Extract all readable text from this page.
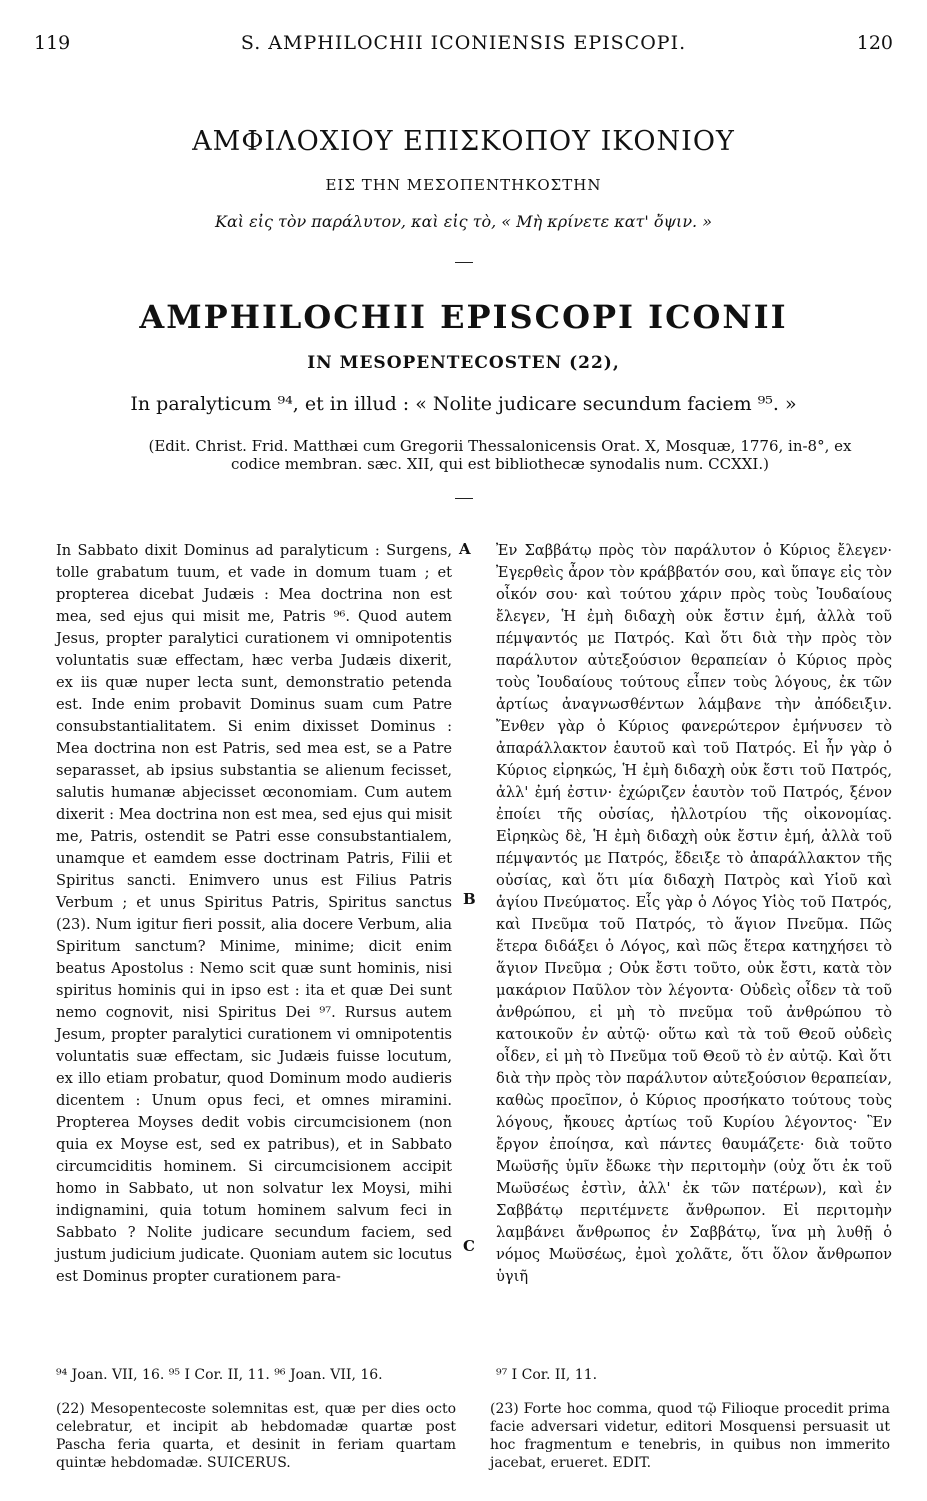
119	S. AMPHILOCHII ICONIENSIS EPISCOPI.	120
ΑΜΦΙΛΟΧΙΟΥ ΕΠΙΣΚΟΠΟΥ ΙΚΟΝΙΟΥ
ΕΙΣ ΤΗΝ ΜΕΣΟΠΕΝΤΗΚΟΣΤΗΝ
Καὶ εἰς τὸν παράλυτον, καὶ εἰς τὸ, « Μὴ κρίνετε κατ' ὄψιν. »
AMPHILOCHII EPISCOPI ICONII
IN MESOPENTECOSTEN (22),
In paralyticum ⁹⁴, et in illud : « Nolite judicare secundum faciem ⁹⁵. »
(Edit. Christ. Frid. Matthæi cum Gregorii Thessalonicensis Orat. X, Mosquæ, 1776, in-8°, ex codice membran. sæc. XII, qui est bibliothecæ synodalis num. CCXXI.)

In Sabbato dixit Dominus ad paralyticum : Surgens, tolle grabatum tuum, et vade in domum tuam ; et propterea dicebat Judæis : Mea doctrina non est mea, sed ejus qui misit me, Patris ⁹⁶. Quod autem Jesus, propter paralytici curationem vi omnipotentis voluntatis suæ effectam, hæc verba Judæis dixerit, ex iis quæ nuper lecta sunt, demonstratio petenda est. Inde enim probavit Dominus suam cum Patre consubstantialitatem. Si enim dixisset Dominus : Mea doctrina non est Patris, sed mea est, se a Patre separasset, ab ipsius substantia se alienum fecisset, salutis humanæ abjecisset œconomiam. Cum autem dixerit : Mea doctrina non est mea, sed ejus qui misit me, Patris, ostendit se Patri esse consubstantialem, unamque et eamdem esse doctrinam Patris, Filii et Spiritus sancti. Enimvero unus est Filius Patris Verbum ; et unus Spiritus Patris, Spiritus sanctus (23). Num igitur fieri possit, alia docere Verbum, alia Spiritum sanctum? Minime, minime; dicit enim beatus Apostolus : Nemo scit quæ sunt hominis, nisi spiritus hominis qui in ipso est : ita et quæ Dei sunt nemo cognovit, nisi Spiritus Dei ⁹⁷. Rursus autem Jesum, propter paralytici curationem vi omnipotentis voluntatis suæ effectam, sic Judæis fuisse locutum, ex illo etiam probatur, quod Dominum modo audieris dicentem : Unum opus feci, et omnes miramini. Propterea Moyses dedit vobis circumcisionem (non quia ex Moyse est, sed ex patribus), et in Sabbato circumciditis hominem. Si circumcisionem accipit homo in Sabbato, ut non solvatur lex Moysi, mihi indignamini, quia totum hominem salvum feci in Sabbato ? Nolite judicare secundum faciem, sed justum judicium judicate. Quoniam autem sic locutus est Dominus propter curationem para-

A
B
C

Ἐν Σαββάτῳ πρὸς τὸν παράλυτον ὁ Κύριος ἔλεγεν· Ἐγερθεὶς ἆρον τὸν κράββατόν σου, καὶ ὕπαγε εἰς τὸν οἶκόν σου· καὶ τούτου χάριν πρὸς τοὺς Ἰουδαίους ἔλεγεν, Ἡ ἐμὴ διδαχὴ οὐκ ἔστιν ἐμή, ἀλλὰ τοῦ πέμψαντός με Πατρός. Καὶ ὅτι διὰ τὴν πρὸς τὸν παράλυτον αὐτεξούσιον θεραπείαν ὁ Κύριος πρὸς τοὺς Ἰουδαίους τούτους εἶπεν τοὺς λόγους, ἐκ τῶν ἀρτίως ἀναγνωσθέντων λάμβανε τὴν ἀπόδειξιν. Ἔνθεν γὰρ ὁ Κύριος φανερώτερον ἐμήνυσεν τὸ ἀπαράλλακτον ἑαυτοῦ καὶ τοῦ Πατρός. Εἰ ἦν γὰρ ὁ Κύριος εἰρηκώς, Ἡ ἐμὴ διδαχὴ οὐκ ἔστι τοῦ Πατρός, ἀλλ' ἐμή ἐστιν· ἐχώριζεν ἑαυτὸν τοῦ Πατρός, ξένον ἐποίει τῆς οὐσίας, ἠλλοτρίου τῆς οἰκονομίας. Εἰρηκὼς δὲ, Ἡ ἐμὴ διδαχὴ οὐκ ἔστιν ἐμή, ἀλλὰ τοῦ πέμψαντός με Πατρός, ἔδειξε τὸ ἀπαράλλακτον τῆς οὐσίας, καὶ ὅτι μία διδαχὴ Πατρὸς καὶ Υἱοῦ καὶ ἁγίου Πνεύματος. Εἷς γὰρ ὁ Λόγος Υἱὸς τοῦ Πατρός, καὶ Πνεῦμα τοῦ Πατρός, τὸ ἅγιον Πνεῦμα. Πῶς ἕτερα διδάξει ὁ Λόγος, καὶ πῶς ἕτερα κατηχήσει τὸ ἅγιον Πνεῦμα ; Οὐκ ἔστι τοῦτο, οὐκ ἔστι, κατὰ τὸν μακάριον Παῦλον τὸν λέγοντα· Οὐδεὶς οἶδεν τὰ τοῦ ἀνθρώπου, εἰ μὴ τὸ πνεῦμα τοῦ ἀνθρώπου τὸ κατοικοῦν ἐν αὐτῷ· οὕτω καὶ τὰ τοῦ Θεοῦ οὐδεὶς οἶδεν, εἰ μὴ τὸ Πνεῦμα τοῦ Θεοῦ τὸ ἐν αὐτῷ. Καὶ ὅτι διὰ τὴν πρὸς τὸν παράλυτον αὐτεξούσιον θεραπείαν, καθὼς προεῖπον, ὁ Κύριος προσήκατο τούτους τοὺς λόγους, ἤκουες ἀρτίως τοῦ Κυρίου λέγοντος· Ἓν ἔργον ἐποίησα, καὶ πάντες θαυμάζετε· διὰ τοῦτο Μωϋσῆς ὑμῖν ἔδωκε τὴν περιτομὴν (οὐχ ὅτι ἐκ τοῦ Μωϋσέως ἐστὶν, ἀλλ' ἐκ τῶν πατέρων), καὶ ἐν Σαββάτῳ περιτέμνετε ἄνθρωπον. Εἰ περιτομὴν λαμβάνει ἄνθρωπος ἐν Σαββάτῳ, ἵνα μὴ λυθῇ ὁ νόμος Μωϋσέως, ἐμοὶ χολᾶτε, ὅτι ὅλον ἄνθρωπον ὑγιῆ

⁹⁴ Joan. VII, 16. ⁹⁵ I Cor. II, 11. ⁹⁶ Joan. VII, 16.	⁹⁷ I Cor. II, 11.
(22) Mesopentecoste solemnitas est, quæ per dies octo celebratur, et incipit ab hebdomadæ quartæ post Pascha feria quarta, et desinit in feriam quartam quintæ hebdomadæ. SUICERUS.
(23) Forte hoc comma, quod τῷ Filioque procedit prima facie adversari videtur, editori Mosquensi persuasit ut hoc fragmentum e tenebris, in quibus non immerito jacebat, erueret. EDIT.
